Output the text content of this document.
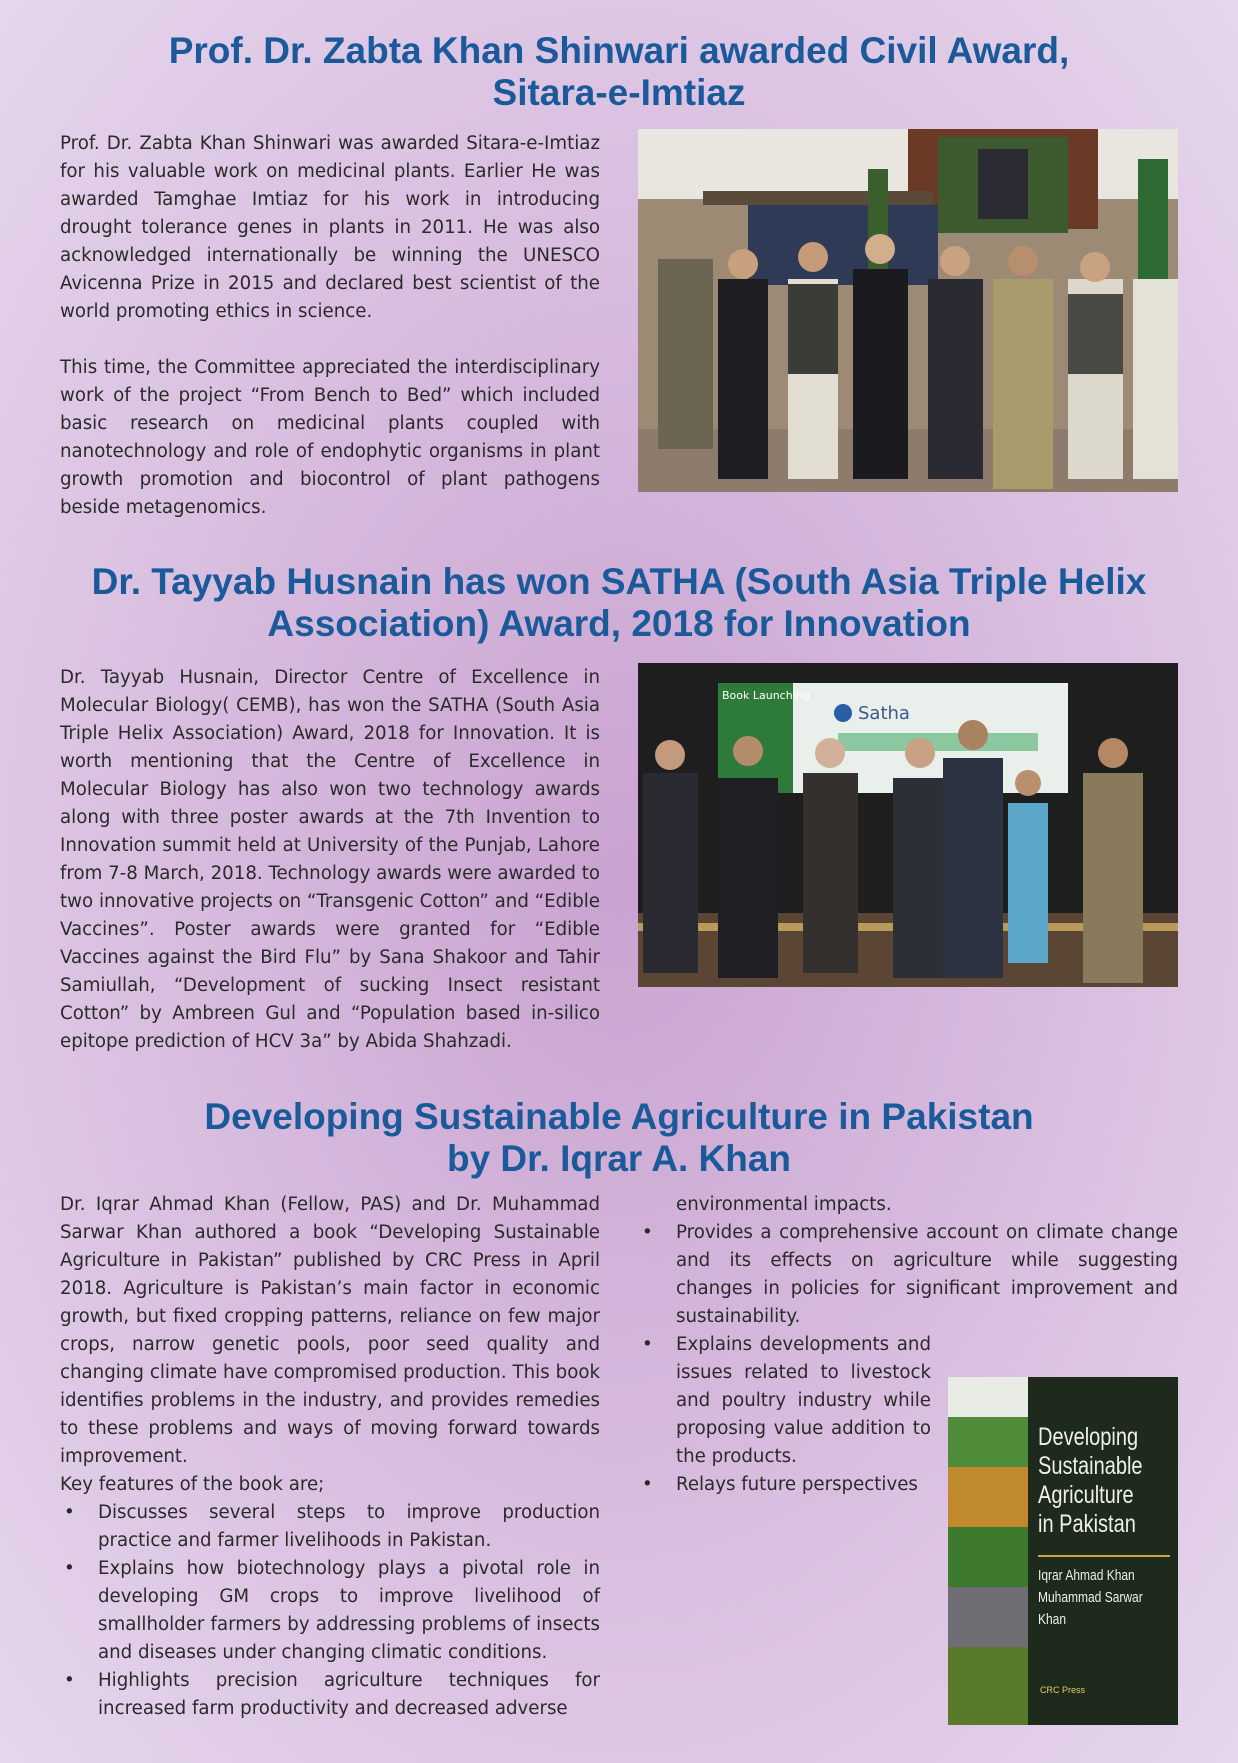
Prof. Dr. Zabta Khan Shinwari awarded Civil Award,
Sitara-e-Imtiaz

Prof. Dr. Zabta Khan Shinwari was awarded Sitara-e-Imtiaz for his valuable work on medicinal plants. Earlier He was awarded Tamghae Imtiaz for his work in introducing drought tolerance genes in plants in 2011. He was also acknowledged internationally be winning the UNESCO Avicenna Prize in 2015 and declared best scientist of the world promoting ethics in science.

This time, the Committee appreciated the interdisciplinary work of the project “From Bench to Bed” which included basic research on medicinal plants coupled with nanotechnology and role of endophytic organisms in plant growth promotion and biocontrol of plant pathogens beside metagenomics.

Dr. Tayyab Husnain has won SATHA (South Asia Triple Helix
Association) Award, 2018 for Innovation

Dr. Tayyab Husnain, Director Centre of Excellence in Molecular Biology( CEMB), has won the SATHA (South Asia Triple Helix Association) Award, 2018 for Innovation. It is worth mentioning that the Centre of Excellence in Molecular Biology has also won two technology awards along with three poster awards at the 7th Invention to Innovation summit held at University of the Punjab, Lahore from 7-8 March, 2018. Technology awards were awarded to two innovative projects on “Transgenic Cotton” and “Edible Vaccines”. Poster awards were granted for “Edible Vaccines against the Bird Flu” by Sana Shakoor and Tahir Samiullah, “Development of sucking Insect resistant Cotton” by Ambreen Gul and “Population based in-silico epitope prediction of HCV 3a” by Abida Shahzadi.

Book Launching
Satha
Developing Sustainable Agriculture in Pakistan
by Dr. Iqrar A. Khan

Dr. Iqrar Ahmad Khan (Fellow, PAS) and Dr. Muhammad Sarwar Khan authored a book “Developing Sustainable Agriculture in Pakistan” published by CRC Press in April 2018. Agriculture is Pakistan’s main factor in economic growth, but fixed cropping patterns, reliance on few major crops, narrow genetic pools, poor seed quality and changing climate have compromised production. This book identifies problems in the industry, and provides remedies to these problems and ways of moving forward towards improvement.

Key features of the book are;

• Discusses several steps to improve production practice and farmer livelihoods in Pakistan.
• Explains how biotechnology plays a pivotal role in developing GM crops to improve livelihood of smallholder farmers by addressing problems of insects and diseases under changing climatic conditions.
• Highlights precision agriculture techniques for increased farm productivity and decreased adverse
environmental impacts.
• Provides a comprehensive account on climate change and its effects on agriculture while suggesting changes in policies for significant improvement and sustainability.
• Explains developments and issues related to livestock and poultry industry while proposing value addition to the products.
• Relays future perspectives
Developing
Sustainable
Agriculture
in Pakistan
Iqrar Ahmad Khan
Muhammad Sarwar Khan
CRC Press
